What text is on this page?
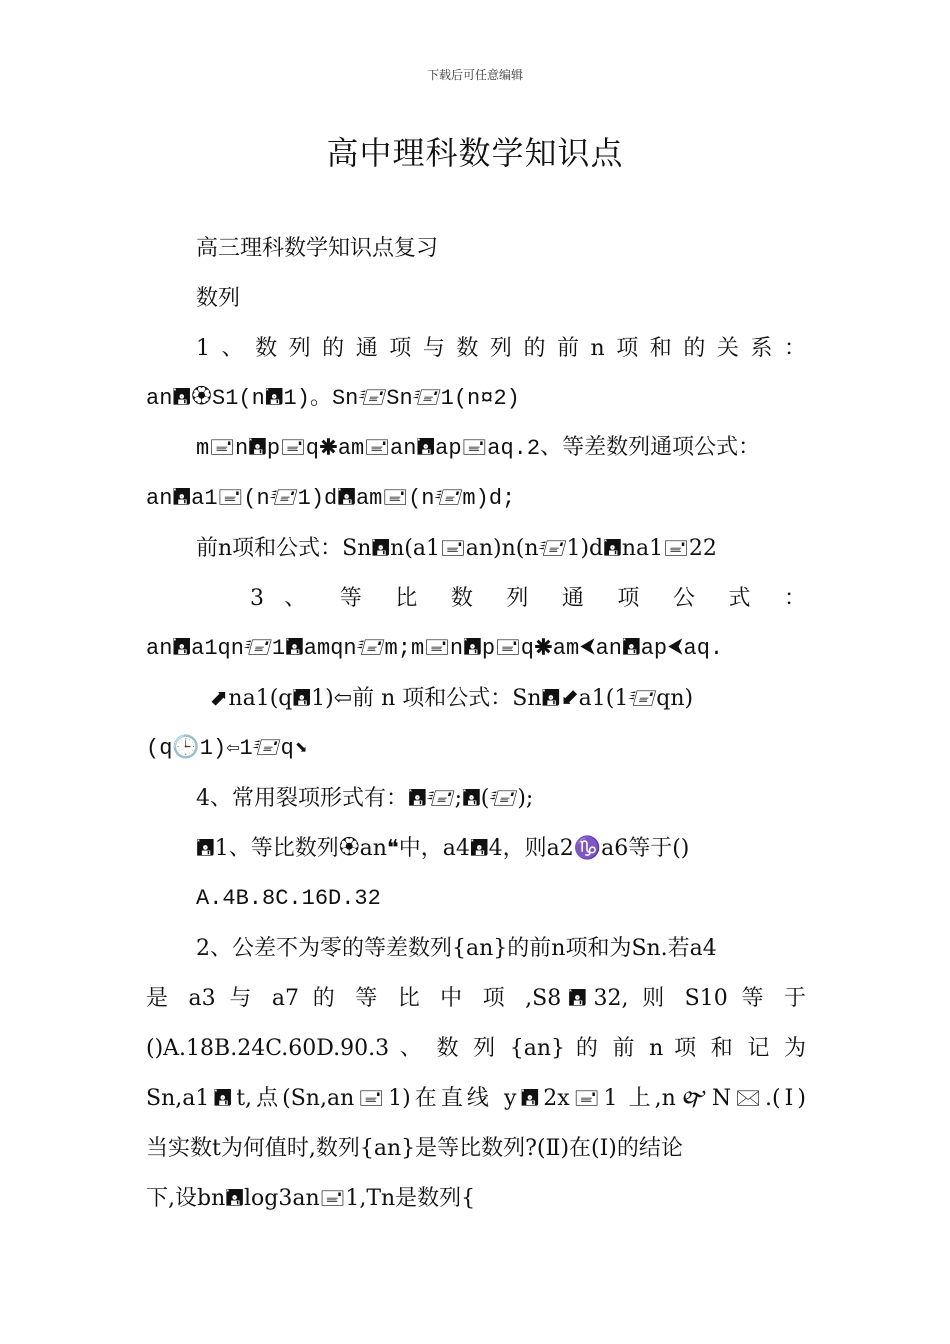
下载后可任意编辑
高中理科数学知识点
高三理科数学知识点复习
数列
1、数列的通项与数列的前n项和的关系：
an🖪🏵S1(n🖪1)。Sn🖅Sn🖅1(n¤2)
m🖃n🖪p🖃q🞾am🖃an🖪ap🖃aq.2、等差数列通项公式：
an🖪a1🖃(n🖅1)d🖪am🖃(n🖅m)d;
前n项和公式：Sn🖪n(a1🖃an)n(n🖅1)d🖪na1🖃22
3 、 等 比 数 列 通 项 公 式 ：
an🖪a1qn🖅1🖪amqn🖅m;m🖃n🖪p🖃q🞾am⮜an🖪ap⮜aq.
⬈na1(q🖪1)⇦前 n 项和公式：Sn🖪⬋a1(1🖅qn)
(q🕒1)⇦1🖅q⬊
4、常用裂项形式有：🖪🖅;🖪(🖅);
🖪1、等比数列🏵an❝中，a4🖪4，则a2♑a6等于()
A.4B.8C.16D.32
2、公差不为零的等差数列{an}的前n项和为Sn.若a4
是 a3 与 a7 的 等 比 中 项 ,S8🖪32, 则 S10 等 于
()A.18B.24C.60D.90.3 、 数 列 {an} 的 前 n 项 和 记 为
Sn,a1🖪t,点(Sn,an🖃1)在直线 y🖪2x🖃1 上,n🙰N🖂.(Ⅰ)
当实数t为何值时,数列{an}是等比数列?(Ⅱ)在(Ⅰ)的结论
下,设bn🖪log3an🖃1,Tn是数列{
